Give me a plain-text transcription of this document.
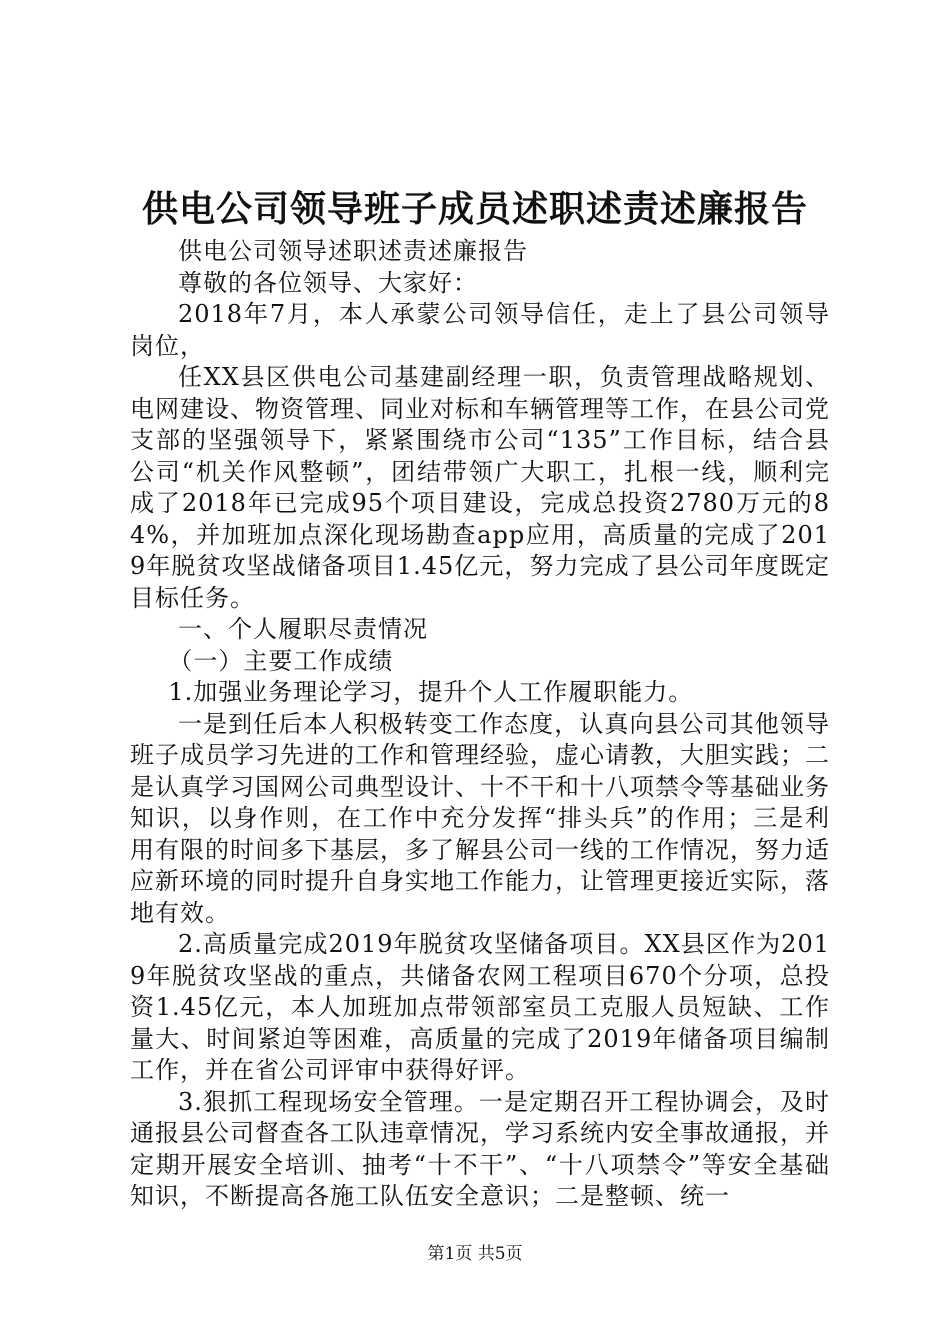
供电公司领导班子成员述职述责述廉报告

供电公司领导述职述责述廉报告

尊敬的各位领导、大家好：

2018年7月，本人承蒙公司领导信任，走上了县公司领导岗位，

任XX县区供电公司基建副经理一职，负责管理战略规划、电网建设、物资管理、同业对标和车辆管理等工作，在县公司党支部的坚强领导下，紧紧围绕市公司“135”工作目标，结合县公司“机关作风整顿”，团结带领广大职工，扎根一线，顺利完成了2018年已完成95个项目建设，完成总投资2780万元的84%，并加班加点深化现场勘查app应用，高质量的完成了2019年脱贫攻坚战储备项目1.45亿元，努力完成了县公司年度既定目标任务。

一、个人履职尽责情况

（一）主要工作成绩

1.加强业务理论学习，提升个人工作履职能力。

一是到任后本人积极转变工作态度，认真向县公司其他领导班子成员学习先进的工作和管理经验，虚心请教，大胆实践；二是认真学习国网公司典型设计、十不干和十八项禁令等基础业务知识，以身作则，在工作中充分发挥“排头兵”的作用；三是利用有限的时间多下基层，多了解县公司一线的工作情况，努力适应新环境的同时提升自身实地工作能力，让管理更接近实际，落地有效。

2.高质量完成2019年脱贫攻坚储备项目。XX县区作为2019年脱贫攻坚战的重点，共储备农网工程项目670个分项，总投资1.45亿元，本人加班加点带领部室员工克服人员短缺、工作量大、时间紧迫等困难，高质量的完成了2019年储备项目编制工作，并在省公司评审中获得好评。

3.狠抓工程现场安全管理。一是定期召开工程协调会，及时通报县公司督查各工队违章情况，学习系统内安全事故通报，并定期开展安全培训、抽考“十不干”、“十八项禁令”等安全基础知识，不断提高各施工队伍安全意识；二是整顿、统一

第1页 共5页
